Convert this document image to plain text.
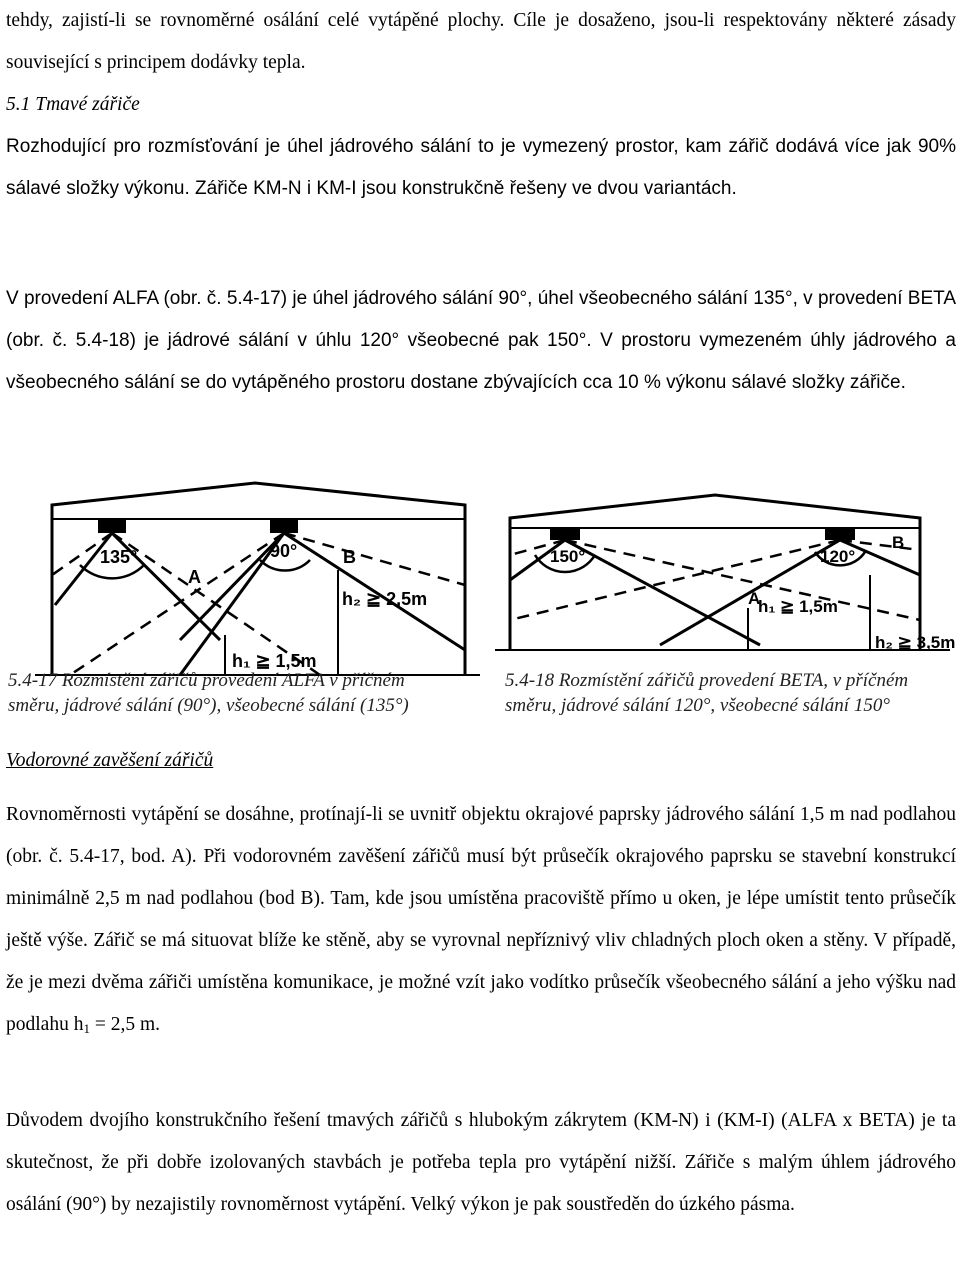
tehdy, zajistí-li se rovnoměrné osálání celé vytápěné plochy. Cíle je dosaženo, jsou-li respektovány některé zásady související s principem dodávky tepla.

5.1 Tmavé zářiče

Rozhodující pro rozmísťování je úhel jádrového sálání to je vymezený prostor, kam zářič dodává více jak 90% sálavé složky výkonu. Zářiče KM-N i KM-I jsou konstrukčně řešeny ve dvou variantách.

V provedení ALFA (obr. č. 5.4-17) je úhel jádrového sálání 90°, úhel všeobecného sálání 135°, v provedení BETA (obr. č. 5.4-18) je jádrové sálání v úhlu 120° všeobecné pak 150°. V prostoru vymezeném úhly jádrového a všeobecného sálání se do vytápěného prostoru dostane zbývajících cca 10 % výkonu sálavé složky zářiče.

135°	90°
A
B
h₂ ≧ 2,5m
h₁ ≧ 1,5m
5.4-17 Rozmístění zářičů provedení ALFA v příčném
směru, jádrové sálání (90°), všeobecné sálání (135°)
150°	120°
A
B
h₁ ≧ 1,5m
h₂ ≧ 3,5m
5.4-18 Rozmístění zářičů provedení BETA, v příčném
směru, jádrové sálání 120°, všeobecné sálání 150°

Vodorovné zavěšení zářičů

Rovnoměrnosti vytápění se dosáhne, protínají-li se uvnitř objektu okrajové paprsky jádrového sálání 1,5 m nad podlahou (obr. č. 5.4-17, bod. A). Při vodorovném zavěšení zářičů musí být průsečík okrajového paprsku se stavební konstrukcí minimálně 2,5 m nad podlahou (bod B). Tam, kde jsou umístěna pracoviště přímo u oken, je lépe umístit tento průsečík ještě výše. Zářič se má situovat blíže ke stěně, aby se vyrovnal nepříznivý vliv chladných ploch oken a stěny. V případě, že je mezi dvěma zářiči umístěna komunikace, je možné vzít jako vodítko průsečík všeobecného sálání a jeho výšku nad podlahu $h_1 = 2,5$ m.

Důvodem dvojího konstrukčního řešení tmavých zářičů s hlubokým zákrytem (KM-N) i (KM-I) (ALFA x BETA) je ta skutečnost, že při dobře izolovaných stavbách je potřeba tepla pro vytápění nižší. Zářiče s malým úhlem jádrového osálání (90°) by nezajistily rovnoměrnost vytápění. Velký výkon je pak soustředěn do úzkého pásma.
